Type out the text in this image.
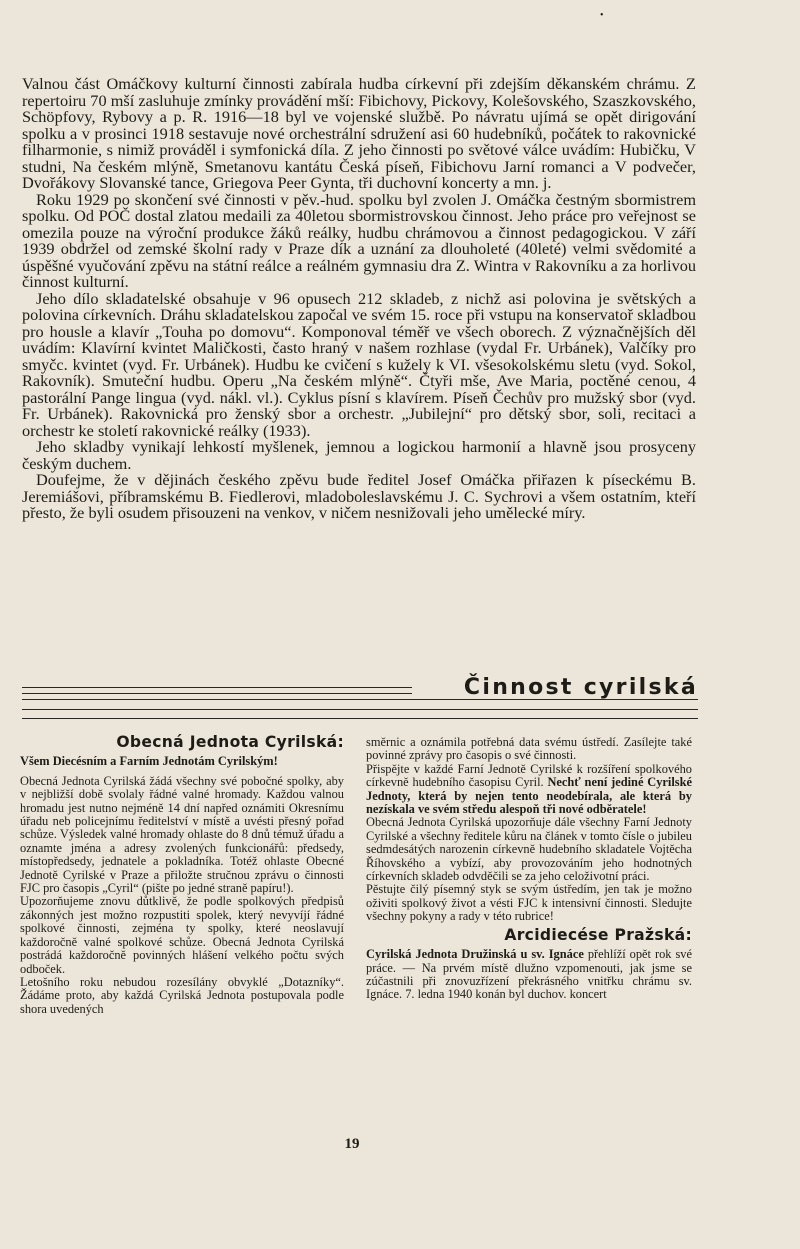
•

Valnou část Omáčkovy kulturní činnosti zabírala hudba církevní při zdejším děkanském chrámu. Z repertoiru 70 mší zasluhuje zmínky provádění mší: Fibichovy, Pickovy, Kolešovského, Szaszkovského, Schöpfovy, Rybovy a p. R. 1916—18 byl ve vojenské službě. Po návratu ujímá se opět dirigování spolku a v prosinci 1918 sestavuje nové orchestrální sdružení asi 60 hudebníků, počátek to rakovnické filharmonie, s nimiž prováděl i symfonická díla. Z jeho činnosti po světové válce uvádím: Hubičku, V studni, Na českém mlýně, Smetanovu kantátu Česká píseň, Fibichovu Jarní romanci a V podvečer, Dvořákovy Slovanské tance, Griegova Peer Gynta, tři duchovní koncerty a mn. j.

Roku 1929 po skončení své činnosti v pěv.-hud. spolku byl zvolen J. Omáčka čestným sbormistrem spolku. Od POČ dostal zlatou medaili za 40letou sbormistrovskou činnost. Jeho práce pro veřejnost se omezila pouze na výroční produkce žáků reálky, hudbu chrámovou a činnost pedagogickou. V září 1939 obdržel od zemské školní rady v Praze dík a uznání za dlouholeté (40leté) velmi svědomité a úspěšné vyučování zpěvu na státní reálce a reálném gymnasiu dra Z. Wintra v Rakovníku a za horlivou činnost kulturní.

Jeho dílo skladatelské obsahuje v 96 opusech 212 skladeb, z nichž asi polovina je světských a polovina církevních. Dráhu skladatelskou započal ve svém 15. roce při vstupu na konservatoř skladbou pro housle a klavír „Touha po domovu“. Komponoval téměř ve všech oborech. Z význačnějších děl uvádím: Klavírní kvintet Maličkosti, často hraný v našem rozhlase (vydal Fr. Urbánek), Valčíky pro smyčc. kvintet (vyd. Fr. Urbánek). Hudbu ke cvičení s kužely k VI. všesokolskému sletu (vyd. Sokol, Rakovník). Smuteční hudbu. Operu „Na českém mlýně“. Čtyři mše, Ave Maria, poctěné cenou, 4 pastorální Pange lingua (vyd. nákl. vl.). Cyklus písní s klavírem. Píseň Čechův pro mužský sbor (vyd. Fr. Urbánek). Rakovnická pro ženský sbor a orchestr. „Jubilejní“ pro dětský sbor, soli, recitaci a orchestr ke století rakovnické reálky (1933).

Jeho skladby vynikají lehkostí myšlenek, jemnou a logickou harmonií a hlavně jsou prosyceny českým duchem.

Doufejme, že v dějinách českého zpěvu bude ředitel Josef Omáčka přiřazen k píseckému B. Jeremiášovi, příbramskému B. Fiedlerovi, mladoboleslavskému J. C. Sychrovi a všem ostatním, kteří přesto, že byli osudem přisouzeni na venkov, v ničem nesnižovali jeho umělecké míry.

Činnost cyrilská
Obecná Jednota Cyrilská:

Všem Diecésním a Farním Jednotám Cyrilským!

Obecná Jednota Cyrilská žádá všechny své pobočné spolky, aby v nejbližší době svolaly řádné valné hromady. Každou valnou hromadu jest nutno nejméně 14 dní napřed oznámiti Okresnímu úřadu neb policejnímu ředitelství v místě a uvésti přesný pořad schůze. Výsledek valné hromady ohlaste do 8 dnů témuž úřadu a oznamte jména a adresy zvolených funkcionářů: předsedy, místopředsedy, jednatele a pokladníka. Totéž ohlaste Obecné Jednotě Cyrilské v Praze a přiložte stručnou zprávu o činnosti FJC pro časopis „Cyril“ (pište po jedné straně papíru!).

Upozorňujeme znovu důtklivě, že podle spolkových předpisů zákonných jest možno rozpustiti spolek, který nevyvíjí řádné spolkové činnosti, zejména ty spolky, které neoslavují každoročně valné spolkové schůze. Obecná Jednota Cyrilská postrádá každoročně povinných hlášení velkého počtu svých odboček.

Letošního roku nebudou rozesílány obvyklé „Dotazníky“. Žádáme proto, aby každá Cyrilská Jednota postupovala podle shora uvedených

směrnic a oznámila potřebná data svému ústředí. Zasílejte také povinné zprávy pro časopis o své činnosti.

Přispějte v každé Farní Jednotě Cyrilské k rozšíření spolkového církevně hudebního časopisu Cyril. Nechť není jediné Cyrilské Jednoty, která by nejen tento neodebírala, ale která by nezískala ve svém středu alespoň tři nové odběratele!

Obecná Jednota Cyrilská upozorňuje dále všechny Farní Jednoty Cyrilské a všechny ředitele kůru na článek v tomto čísle o jubileu sedmdesátých narozenin církevně hudebního skladatele Vojtěcha Říhovského a vybízí, aby provozováním jeho hodnotných církevních skladeb odvděčili se za jeho celoživotní práci.

Pěstujte čilý písemný styk se svým ústředím, jen tak je možno oživiti spolkový život a vésti FJC k intensivní činnosti. Sledujte všechny pokyny a rady v této rubrice!

Arcidiecése Pražská:

Cyrilská Jednota Družinská u sv. Ignáce přehlíží opět rok své práce. — Na prvém místě dlužno vzpomenouti, jak jsme se zúčastnili při znovuzřízení překrásného vnitřku chrámu sv. Ignáce. 7. ledna 1940 konán byl duchov. koncert

19
